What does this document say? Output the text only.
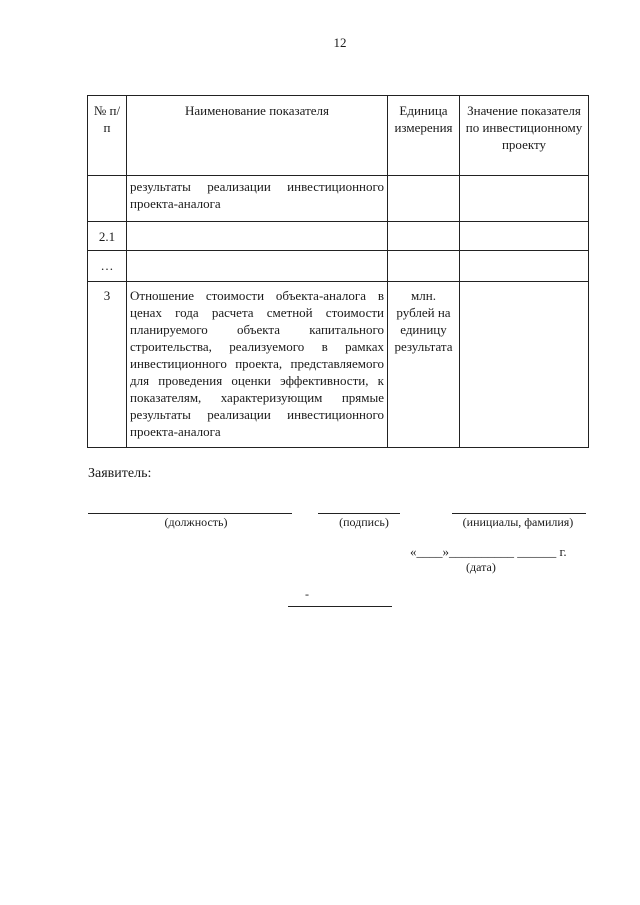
12
№ п/п	Наименование показателя	Единица измерения	Значение показателя по инвестиционному проекту
	результаты реализации инвестиционного проекта-аналога		
2.1			
…			
3	Отношение стоимости объекта-аналога в ценах года расчета сметной стоимости планируемого объекта капитального строительства, реализуемого в рамках инвестиционного проекта, представляемого для проведения оценки эффективности, к показателям, характеризующим прямые результаты реализации инвестиционного проекта-аналога	млн. рублей на единицу результата	
Заявитель:
(должность)	(подпись)	(инициалы, фамилия)
«____»__________ ______ г.
(дата)
-
